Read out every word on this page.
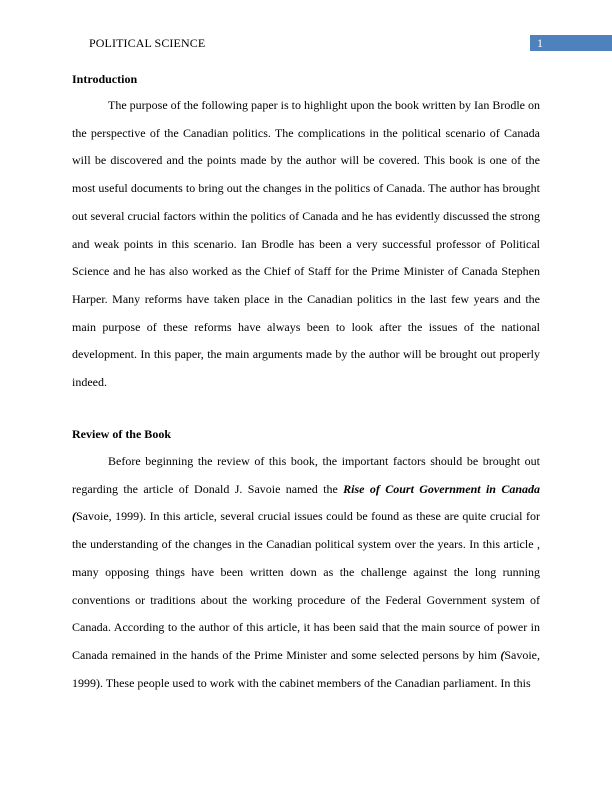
POLITICAL SCIENCE	1

Introduction

The purpose of the following paper is to highlight upon the book written by Ian Brodle on the perspective of the Canadian politics. The complications in the political scenario of Canada will be discovered and the points made by the author will be covered. This book is one of the most useful documents to bring out the changes in the politics of Canada. The author has brought out several crucial factors within the politics of Canada and he has evidently discussed the strong and weak points in this scenario. Ian Brodle has been a very successful professor of Political Science and he has also worked as the Chief of Staff for the Prime Minister of Canada Stephen Harper. Many reforms have taken place in the Canadian politics in the last few years and the main purpose of these reforms have always been to look after the issues of the national development. In this paper, the main arguments made by the author will be brought out properly indeed.

Review of the Book

Before beginning the review of this book, the important factors should be brought out regarding the article of Donald J. Savoie named the Rise of Court Government in Canada (Savoie, 1999). In this article, several crucial issues could be found as these are quite crucial for the understanding of the changes in the Canadian political system over the years. In this article , many opposing things have been written down as the challenge against the long running conventions or traditions about the working procedure of the Federal Government system of Canada. According to the author of this article, it has been said that the main source of power in Canada remained in the hands of the Prime Minister and some selected persons by him (Savoie, 1999). These people used to work with the cabinet members of the Canadian parliament. In this
